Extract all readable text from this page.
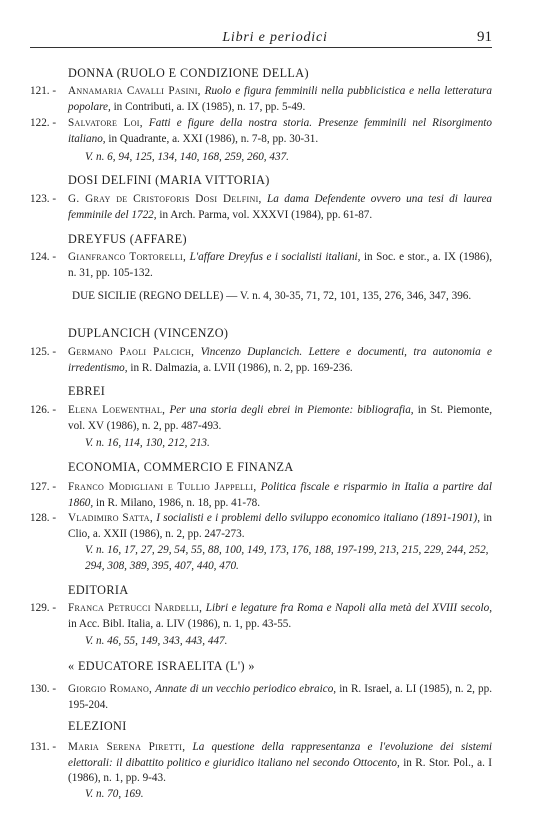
Libri e periodici	91
DONNA (RUOLO E CONDIZIONE DELLA)
121. -	Annamaria Cavalli Pasini, Ruolo e figura femminili nella pubblicistica e nella letteratura popolare, in Contributi, a. IX (1985), n. 17, pp. 5-49.
122. -	Salvatore Loi, Fatti e figure della nostra storia. Presenze femminili nel Risorgimento italiano, in Quadrante, a. XXI (1986), n. 7-8, pp. 30-31.
V. n. 6, 94, 125, 134, 140, 168, 259, 260, 437.
DOSI DELFINI (MARIA VITTORIA)
123. -	G. Gray de Cristoforis Dosi Delfini, La dama Defendente ovvero una tesi di laurea femminile del 1722, in Arch. Parma, vol. XXXVI (1984), pp. 61-87.
DREYFUS (AFFARE)
124. -	Gianfranco Tortorelli, L'affare Dreyfus e i socialisti italiani, in Soc. e stor., a. IX (1986), n. 31, pp. 105-132.
DUE SICILIE (REGNO DELLE) — V. n. 4, 30-35, 71, 72, 101, 135, 276, 346, 347, 396.
DUPLANCICH (VINCENZO)
125. -	Germano Paoli Palcich, Vincenzo Duplancich. Lettere e documenti, tra autonomia e irredentismo, in R. Dalmazia, a. LVII (1986), n. 2, pp. 169-236.
EBREI
126. -	Elena Loewenthal, Per una storia degli ebrei in Piemonte: bibliografia, in St. Piemonte, vol. XV (1986), n. 2, pp. 487-493.
V. n. 16, 114, 130, 212, 213.
ECONOMIA, COMMERCIO E FINANZA
127. -	Franco Modigliani e Tullio Jappelli, Politica fiscale e risparmio in Italia a partire dal 1860, in R. Milano, 1986, n. 18, pp. 41-78.
128. -	Vladimiro Satta, I socialisti e i problemi dello sviluppo economico italiano (1891-1901), in Clio, a. XXII (1986), n. 2, pp. 247-273.
V. n. 16, 17, 27, 29, 54, 55, 88, 100, 149, 173, 176, 188, 197-199, 213, 215, 229, 244, 252, 294, 308, 389, 395, 407, 440, 470.
EDITORIA
129. -	Franca Petrucci Nardelli, Libri e legature fra Roma e Napoli alla metà del XVIII secolo, in Acc. Bibl. Italia, a. LIV (1986), n. 1, pp. 43-55.
V. n. 46, 55, 149, 343, 443, 447.
« EDUCATORE ISRAELITA (L') »
130. -	Giorgio Romano, Annate di un vecchio periodico ebraico, in R. Israel, a. LI (1985), n. 2, pp. 195-204.
ELEZIONI
131. -	Maria Serena Piretti, La questione della rappresentanza e l'evoluzione dei sistemi elettorali: il dibattito politico e giuridico italiano nel secondo Ottocento, in R. Stor. Pol., a. I (1986), n. 1, pp. 9-43.
V. n. 70, 169.
